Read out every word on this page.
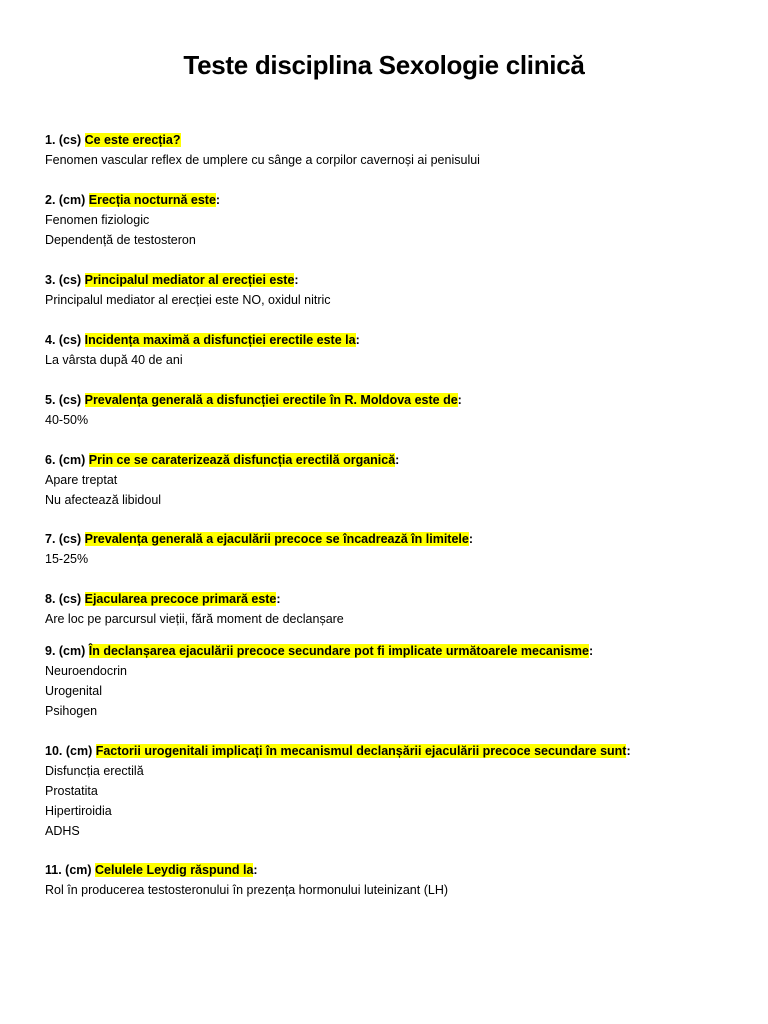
Teste disciplina Sexologie clinică
1. (cs) Ce este erecția?
Fenomen vascular reflex de umplere cu sânge a corpilor cavernoși ai penisului
2. (cm) Erecția nocturnă este:
Fenomen fiziologic
Dependență de testosteron
3. (cs) Principalul mediator al erecției este:
Principalul mediator al erecției este NO, oxidul nitric
4. (cs) Incidența maximă a disfuncției erectile este la:
La vârsta după 40 de ani
5. (cs) Prevalența generală a disfuncției erectile în R. Moldova este de:
40-50%
6. (cm) Prin ce se caraterizează disfuncția erectilă organică:
Apare treptat
Nu afectează libidoul
7. (cs) Prevalența generală a ejaculării precoce se încadrează în limitele:
15-25%
8. (cs) Ejacularea precoce primară este:
Are loc pe parcursul vieții, fără moment de declanșare
9. (cm) În declanșarea ejaculării precoce secundare pot fi implicate următoarele mecanisme:
Neuroendocrin
Urogenital
Psihogen
10. (cm) Factorii urogenitali implicați în mecanismul declanșării ejaculării precoce secundare sunt:
Disfuncția erectilă
Prostatita
Hipertiroidia
ADHS
11. (cm) Celulele Leydig răspund la:
Rol în producerea testosteronului în prezența hormonului luteinizant (LH)
